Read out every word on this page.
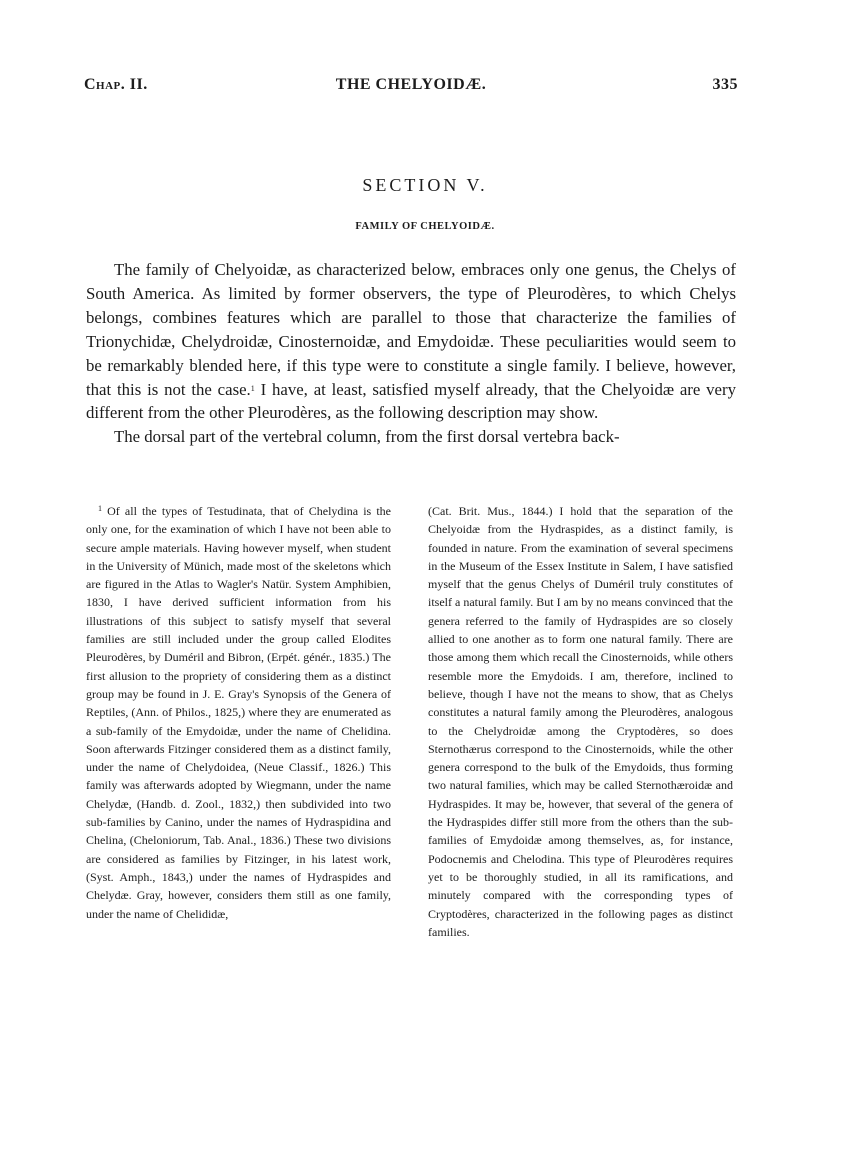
Chap. II.	THE CHELYOIDÆ.	335
SECTION V.
FAMILY OF CHELYOIDÆ.

The family of Chelyoidæ, as characterized below, embraces only one genus, the Chelys of South America. As limited by former observers, the type of Pleurodères, to which Chelys belongs, combines features which are parallel to those that characterize the families of Trionychidæ, Chelydroidæ, Cinosternoidæ, and Emydoidæ. These peculiarities would seem to be remarkably blended here, if this type were to constitute a single family. I believe, however, that this is not the case.$^1$ I have, at least, satisfied myself already, that the Chelyoidæ are very different from the other Pleurodères, as the following description may show.

The dorsal part of the vertebral column, from the first dorsal vertebra back-

$^1$ Of all the types of Testudinata, that of Chelydina is the only one, for the examination of which I have not been able to secure ample materials. Having however myself, when student in the University of Münich, made most of the skeletons which are figured in the Atlas to Wagler's Natür. System Amphibien, 1830, I have derived sufficient information from his illustrations of this subject to satisfy myself that several families are still included under the group called Elodites Pleurodères, by Duméril and Bibron, (Erpét. génér., 1835.) The first allusion to the propriety of considering them as a distinct group may be found in J. E. Gray's Synopsis of the Genera of Reptiles, (Ann. of Philos., 1825,) where they are enumerated as a sub-family of the Emydoidæ, under the name of Chelidina. Soon afterwards Fitzinger considered them as a distinct family, under the name of Chelydoidea, (Neue Classif., 1826.) This family was afterwards adopted by Wiegmann, under the name Chelydæ, (Handb. d. Zool., 1832,) then subdivided into two sub-families by Canino, under the names of Hydraspidina and Chelina, (Cheloniorum, Tab. Anal., 1836.) These two divisions are considered as families by Fitzinger, in his latest work, (Syst. Amph., 1843,) under the names of Hydraspides and Chelydæ. Gray, however, considers them still as one family, under the name of Chelididæ,

(Cat. Brit. Mus., 1844.) I hold that the separation of the Chelyoidæ from the Hydraspides, as a distinct family, is founded in nature. From the examination of several specimens in the Museum of the Essex Institute in Salem, I have satisfied myself that the genus Chelys of Duméril truly constitutes of itself a natural family. But I am by no means convinced that the genera referred to the family of Hydraspides are so closely allied to one another as to form one natural family. There are those among them which recall the Cinosternoids, while others resemble more the Emydoids. I am, therefore, inclined to believe, though I have not the means to show, that as Chelys constitutes a natural family among the Pleurodères, analogous to the Chelydroidæ among the Cryptodères, so does Sternothærus correspond to the Cinosternoids, while the other genera correspond to the bulk of the Emydoids, thus forming two natural families, which may be called Sternothæroidæ and Hydraspides. It may be, however, that several of the genera of the Hydraspides differ still more from the others than the sub-families of Emydoidæ among themselves, as, for instance, Podocnemis and Chelodina. This type of Pleurodères requires yet to be thoroughly studied, in all its ramifications, and minutely compared with the corresponding types of Cryptodères, characterized in the following pages as distinct families.
